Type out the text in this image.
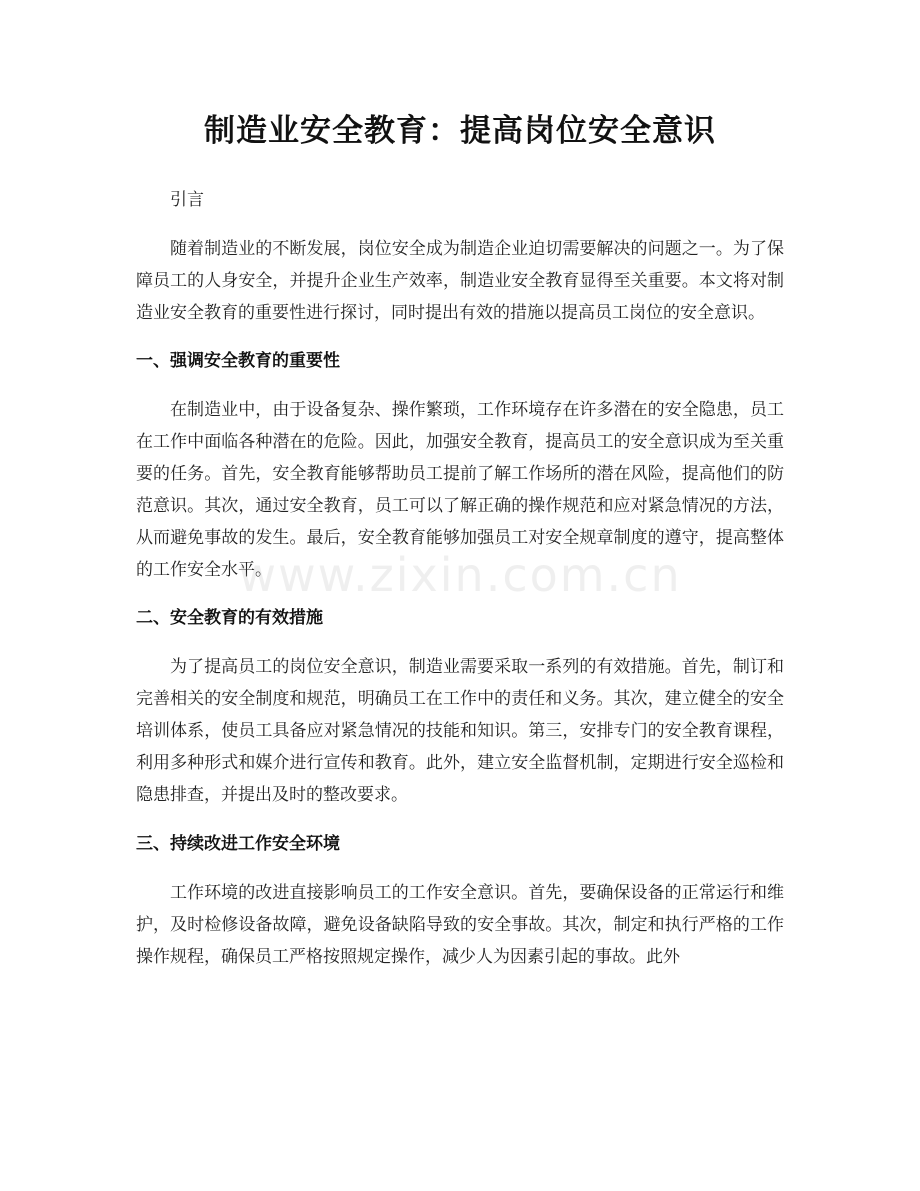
制造业安全教育：提高岗位安全意识

引言

随着制造业的不断发展，岗位安全成为制造企业迫切需要解决的问题之一。为了保障员工的人身安全，并提升企业生产效率，制造业安全教育显得至关重要。本文将对制造业安全教育的重要性进行探讨，同时提出有效的措施以提高员工岗位的安全意识。

一、强调安全教育的重要性

在制造业中，由于设备复杂、操作繁琐，工作环境存在许多潜在的安全隐患，员工在工作中面临各种潜在的危险。因此，加强安全教育，提高员工的安全意识成为至关重要的任务。首先，安全教育能够帮助员工提前了解工作场所的潜在风险，提高他们的防范意识。其次，通过安全教育，员工可以了解正确的操作规范和应对紧急情况的方法，从而避免事故的发生。最后，安全教育能够加强员工对安全规章制度的遵守，提高整体的工作安全水平。

二、安全教育的有效措施

为了提高员工的岗位安全意识，制造业需要采取一系列的有效措施。首先，制订和完善相关的安全制度和规范，明确员工在工作中的责任和义务。其次，建立健全的安全培训体系，使员工具备应对紧急情况的技能和知识。第三，安排专门的安全教育课程，利用多种形式和媒介进行宣传和教育。此外，建立安全监督机制，定期进行安全巡检和隐患排查，并提出及时的整改要求。

三、持续改进工作安全环境

工作环境的改进直接影响员工的工作安全意识。首先，要确保设备的正常运行和维护，及时检修设备故障，避免设备缺陷导致的安全事故。其次，制定和执行严格的工作操作规程，确保员工严格按照规定操作，减少人为因素引起的事故。此外

www.zixin.com.cn
